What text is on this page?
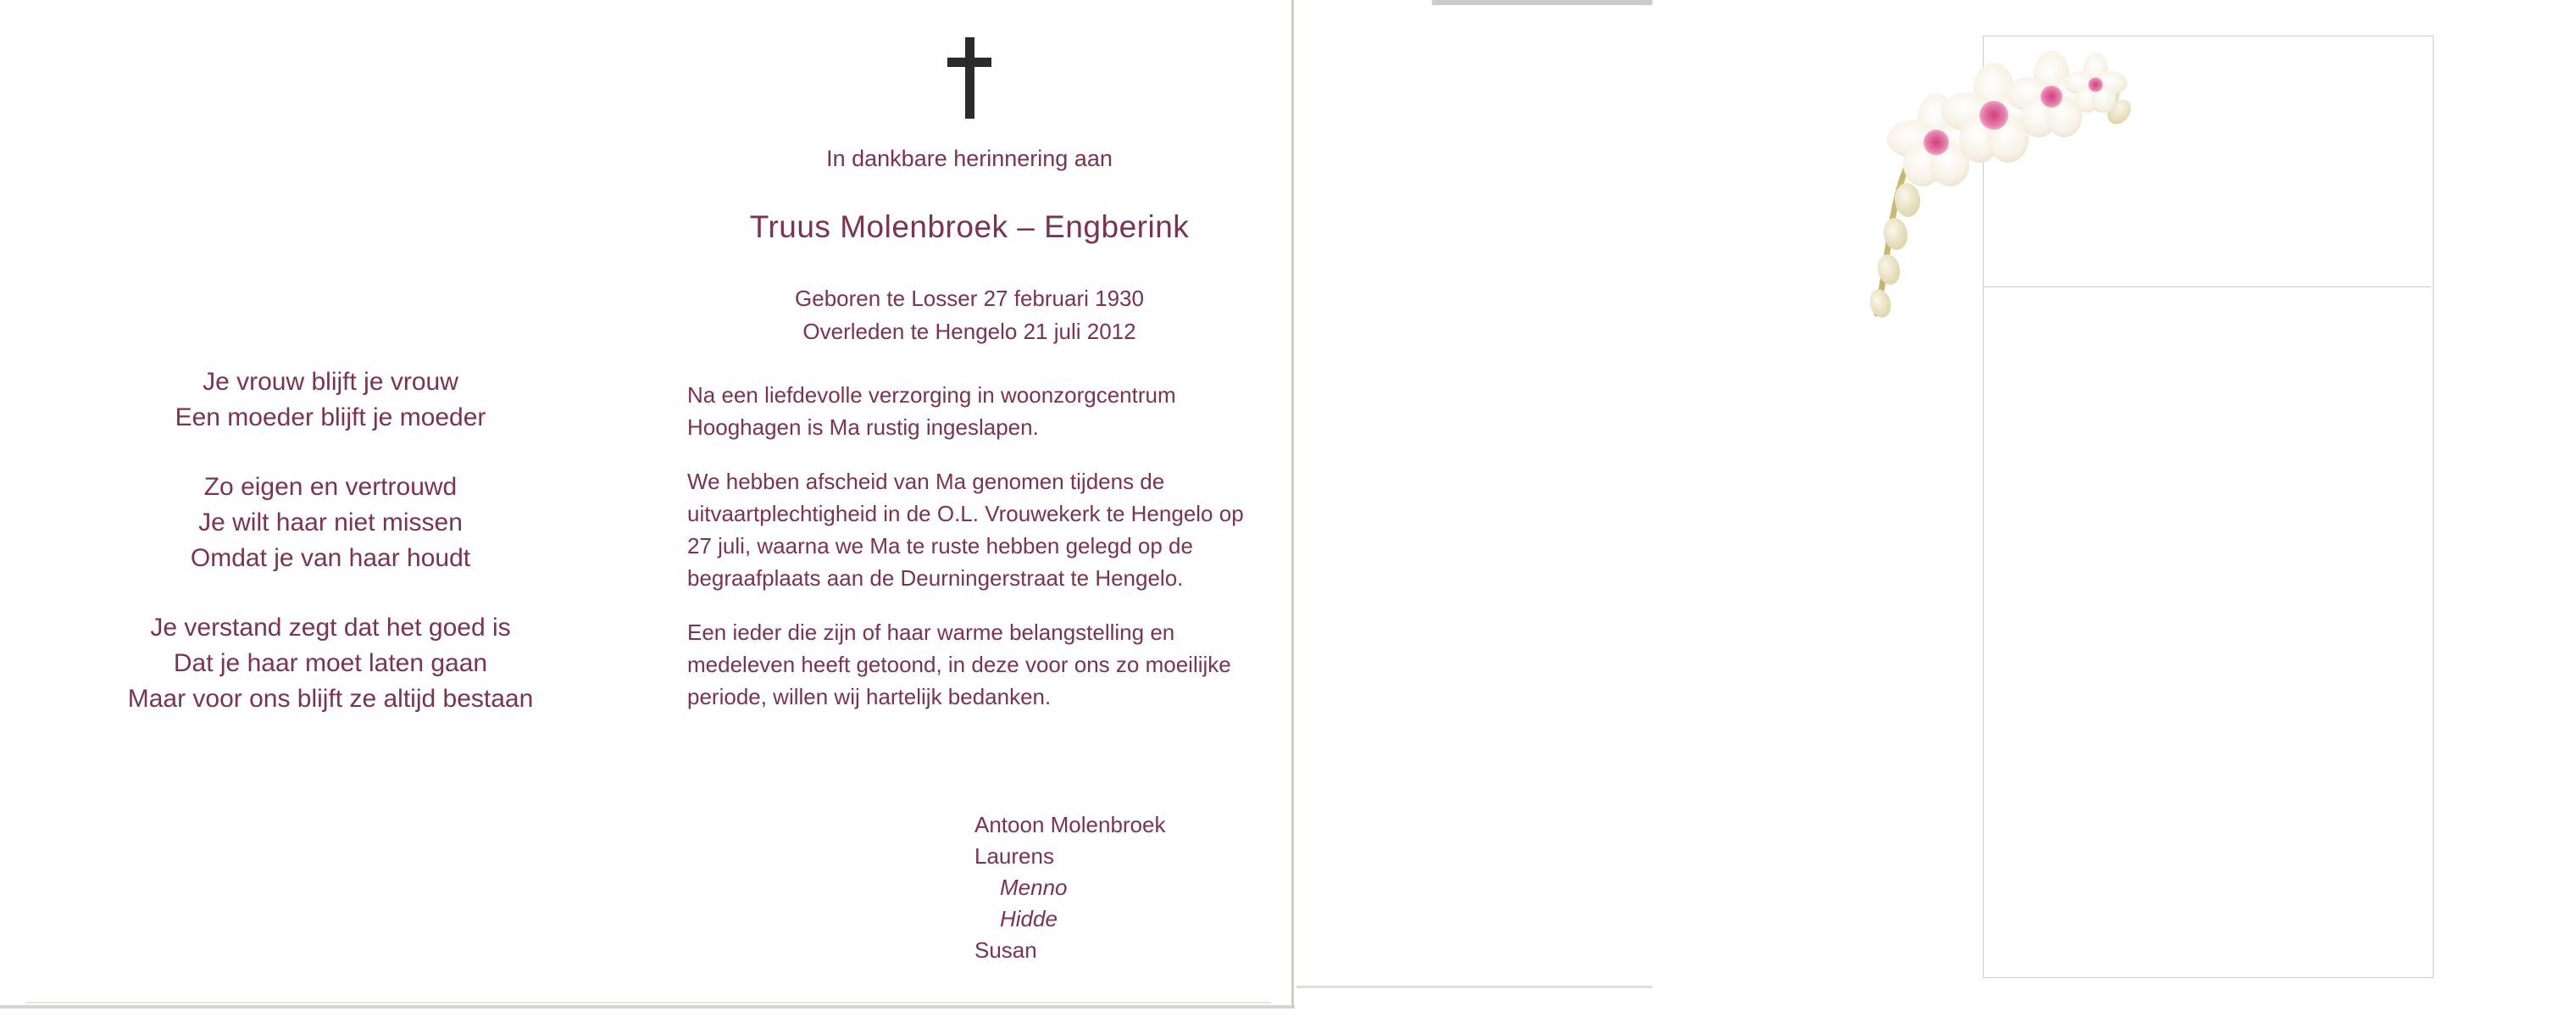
Je vrouw blijft je vrouw
Een moeder blijft je moeder
Zo eigen en vertrouwd
Je wilt haar niet missen
Omdat je van haar houdt
Je verstand zegt dat het goed is
Dat je haar moet laten gaan
Maar voor ons blijft ze altijd bestaan
In dankbare herinnering aan
Truus Molenbroek – Engberink
Geboren te Losser 27 februari 1930
Overleden te Hengelo 21 juli 2012

Na een liefdevolle verzorging in woonzorgcentrum Hooghagen is Ma rustig ingeslapen.

We hebben afscheid van Ma genomen tijdens de uitvaartplechtigheid in de O.L. Vrouwekerk te Hengelo op 27 juli, waarna we Ma te ruste hebben gelegd op de begraafplaats aan de Deurningerstraat te Hengelo.

Een ieder die zijn of haar warme belangstelling en medeleven heeft getoond, in deze voor ons zo moeilijke periode, willen wij hartelijk bedanken.

Antoon Molenbroek
Laurens
Menno
Hidde
Susan
